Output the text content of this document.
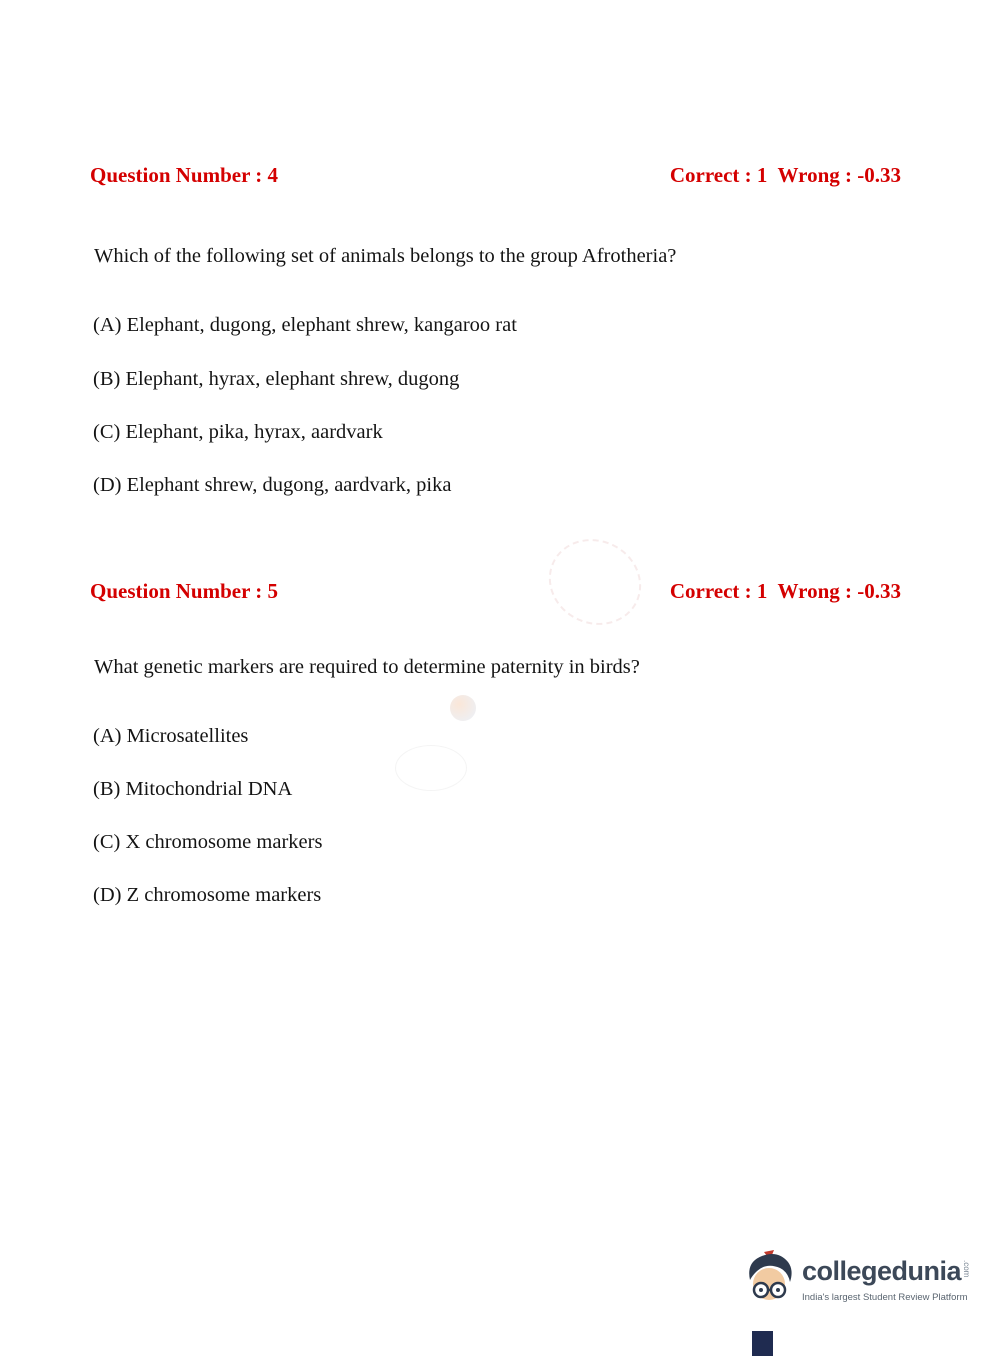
Question Number : 4	Correct : 1  Wrong : -0.33
Which of the following set of animals belongs to the group Afrotheria?
(A) Elephant, dugong, elephant shrew, kangaroo rat
(B) Elephant, hyrax, elephant shrew, dugong
(C) Elephant, pika, hyrax, aardvark
(D) Elephant shrew, dugong, aardvark, pika
Question Number : 5	Correct : 1  Wrong : -0.33
What genetic markers are required to determine paternity in birds?
(A) Microsatellites
(B) Mitochondrial DNA
(C) X chromosome markers
(D) Z chromosome markers
collegedunia .com
India's largest Student Review Platform
